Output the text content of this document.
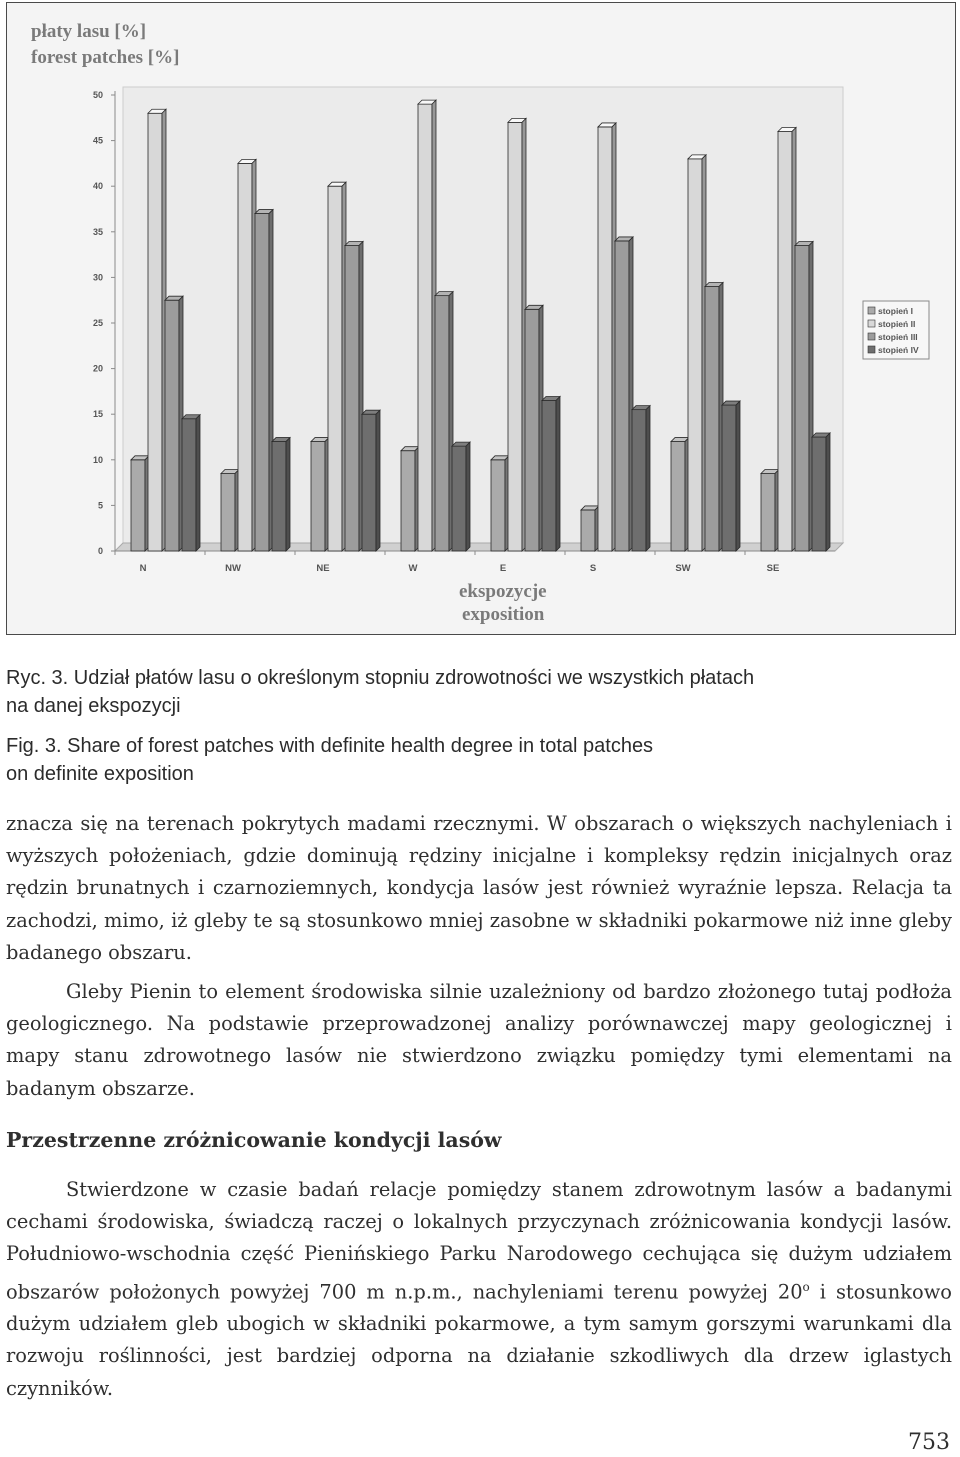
0
5
10
15
20
25
30
35
40
45
50
N	NW	NE	W	E	S	SW	SE
stopień I
stopień II
stopień III
stopień IV
płaty lasu [%]
forest patches [%]
ekspozycje
exposition
Ryc. 3. Udział płatów lasu o określonym stopniu zdrowotności we wszystkich płatach
na danej ekspozycji
Fig. 3. Share of forest patches with definite health degree in total patches
on definite exposition
znacza się na terenach pokrytych madami rzecznymi. W obszarach o większych nachyleniach i wyższych położeniach, gdzie dominują rędziny inicjalne i kompleksy rędzin inicjalnych oraz rędzin brunatnych i czarnoziemnych, kondycja lasów jest również wyraźnie lepsza. Relacja ta zachodzi, mimo, iż gleby te są stosunkowo mniej zasobne w składniki pokarmowe niż inne gleby badanego obszaru.
Gleby Pienin to element środowiska silnie uzależniony od bardzo złożonego tutaj podłoża geologicznego. Na podstawie przeprowadzonej analizy porównawczej mapy geologicznej i mapy stanu zdrowotnego lasów nie stwierdzono związku pomiędzy tymi elementami na badanym obszarze.
Przestrzenne zróżnicowanie kondycji lasów
Stwierdzone w czasie badań relacje pomiędzy stanem zdrowotnym lasów a badanymi cechami środowiska, świadczą raczej o lokalnych przyczynach zróżnicowania kondycji lasów. Południowo-wschodnia część Pienińskiego Parku Narodowego cechująca się dużym udziałem obszarów położonych powyżej 700 m n.p.m., nachyleniami terenu powyżej 20$^o$ i stosunkowo dużym udziałem gleb ubogich w składniki pokarmowe, a tym samym gorszymi warunkami dla rozwoju roślinności, jest bardziej odporna na działanie szkodliwych dla drzew iglastych czynników.
753
